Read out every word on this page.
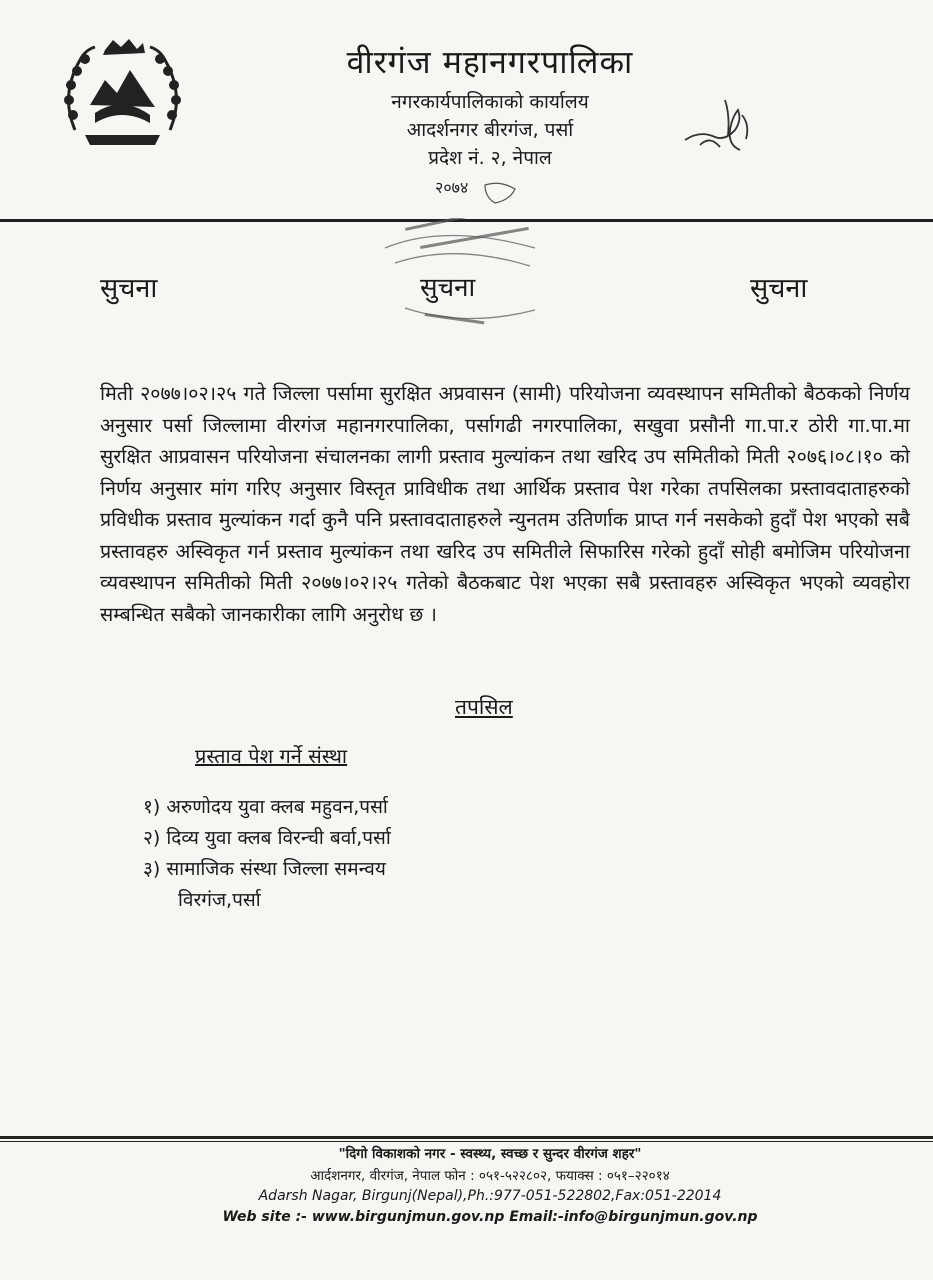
वीरगंज महानगरपालिका
नगरकार्यपालिकाको कार्यालय
आदर्शनगर बीरगंज, पर्सा
प्रदेश नं. २, नेपाल
२०७४
सुचना	सुचना	सुचना
मिती २०७७।०२।२५ गते जिल्ला पर्सामा सुरक्षित अप्रवासन (सामी) परियोजना व्यवस्थापन समितीको बैठकको निर्णय अनुसार पर्सा जिल्लामा वीरगंज महानगरपालिका, पर्सागढी नगरपालिका, सखुवा प्रसौनी गा.पा.र ठोरी गा.पा.मा सुरक्षित आप्रवासन परियोजना संचालनका लागी प्रस्ताव मुल्यांकन तथा खरिद उप समितीको मिती २०७६।०८।१० को निर्णय अनुसार मांग गरिए अनुसार विस्तृत प्राविधीक तथा आर्थिक प्रस्ताव पेश गरेका तपसिलका प्रस्तावदाताहरुको प्रविधीक प्रस्ताव मुल्यांकन गर्दा कुनै पनि प्रस्तावदाताहरुले न्युनतम उतिर्णाक प्राप्त गर्न नसकेको हुदाँ पेश भएको सबै प्रस्तावहरु अस्विकृत गर्न प्रस्ताव मुल्यांकन तथा खरिद उप समितीले सिफारिस गरेको हुदाँ सोही बमोजिम परियोजना व्यवस्थापन समितीको मिती २०७७।०२।२५ गतेको बैठकबाट पेश भएका सबै प्रस्तावहरु अस्विकृत भएको व्यवहोरा सम्बन्धित सबैको जानकारीका लागि अनुरोध छ ।
तपसिल
प्रस्ताव पेश गर्ने संस्था
१) अरुणोदय युवा क्लब महुवन,पर्सा
२) दिव्य युवा क्लब विरन्ची बर्वा,पर्सा
३) सामाजिक संस्था जिल्ला समन्वय
विरगंज,पर्सा
"दिगो विकाशको नगर - स्वस्थ्य, स्वच्छ र सुन्दर वीरगंज शहर"
आर्दशनगर, वीरगंज, नेपाल फोन : ०५१-५२२८०२, फयाक्स : ०५१–२२०१४
Adarsh Nagar, Birgunj(Nepal),Ph.:977-051-522802,Fax:051-22014
Web site :- www.birgunjmun.gov.np Email:-info@birgunjmun.gov.np
